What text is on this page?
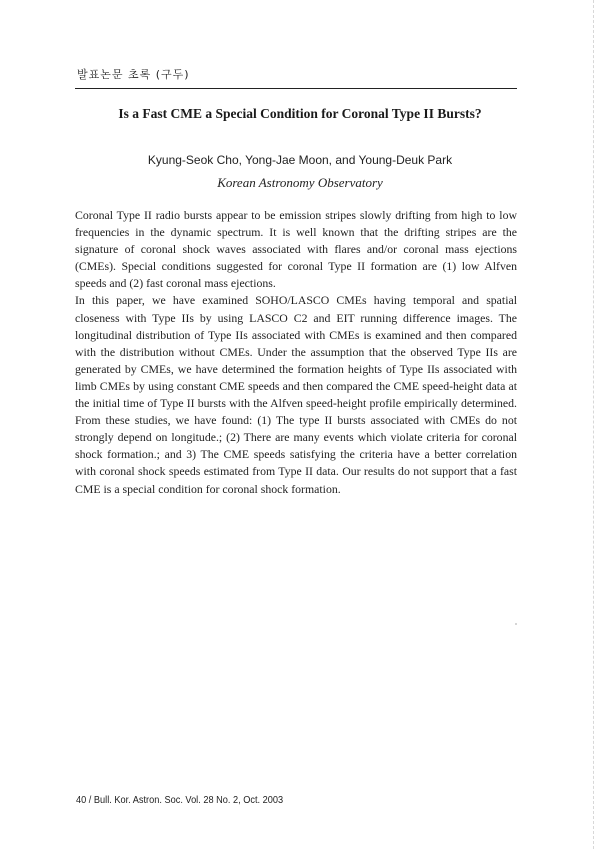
발표논문 초록 (구두)
Is a Fast CME a Special Condition for Coronal Type II Bursts?
Kyung-Seok Cho, Yong-Jae Moon, and Young-Deuk Park
Korean Astronomy Observatory

Coronal Type II radio bursts appear to be emission stripes slowly drifting from high to low frequencies in the dynamic spectrum. It is well known that the drifting stripes are the signature of coronal shock waves associated with flares and/or coronal mass ejections (CMEs). Special conditions suggested for coronal Type II formation are (1) low Alfven speeds and (2) fast coronal mass ejections.

In this paper, we have examined SOHO/LASCO CMEs having temporal and spatial closeness with Type IIs by using LASCO C2 and EIT running difference images. The longitudinal distribution of Type IIs associated with CMEs is examined and then compared with the distribution without CMEs. Under the assumption that the observed Type IIs are generated by CMEs, we have determined the formation heights of Type IIs associated with limb CMEs by using constant CME speeds and then compared the CME speed-height data at the initial time of Type II bursts with the Alfven speed-height profile empirically determined. From these studies, we have found: (1) The type II bursts associated with CMEs do not strongly depend on longitude.; (2) There are many events which violate criteria for coronal shock formation.; and 3) The CME speeds satisfying the criteria have a better correlation with coronal shock speeds estimated from Type II data. Our results do not support that a fast CME is a special condition for coronal shock formation.

40 / Bull. Kor. Astron. Soc. Vol. 28 No. 2, Oct. 2003
